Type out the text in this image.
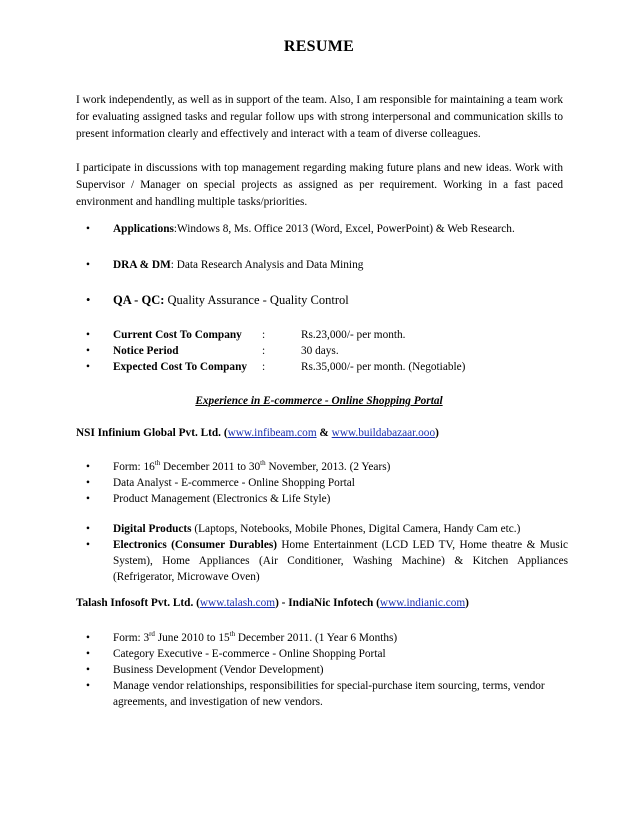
RESUME
I work independently, as well as in support of the team. Also, I am responsible for maintaining a team work for evaluating assigned tasks and regular follow ups with strong interpersonal and communication skills to present information clearly and effectively and interact with a team of diverse colleagues.
I participate in discussions with top management regarding making future plans and new ideas. Work with Supervisor / Manager on special projects as assigned as per requirement. Working in a fast paced environment and handling multiple tasks/priorities.
• Applications:Windows 8, Ms. Office 2013 (Word, Excel, PowerPoint) & Web Research.
• DRA & DM: Data Research Analysis and Data Mining
• QA - QC: Quality Assurance - Quality Control
• Current Cost To Company :	Rs.23,000/- per month.
• Notice Period	:	30 days.
• Expected Cost To Company :	Rs.35,000/- per month. (Negotiable)
Experience in E-commerce - Online Shopping Portal
NSI Infinium Global Pvt. Ltd. (www.infibeam.com & www.buildabazaar.ooo)
• Form: 16th December 2011 to 30th November, 2013. (2 Years)
• Data Analyst - E-commerce - Online Shopping Portal
• Product Management (Electronics & Life Style)
• Digital Products (Laptops, Notebooks, Mobile Phones, Digital Camera, Handy Cam etc.)
• Electronics (Consumer Durables) Home Entertainment (LCD LED TV, Home theatre & Music System), Home Appliances (Air Conditioner, Washing Machine) & Kitchen Appliances (Refrigerator, Microwave Oven)
Talash Infosoft Pvt. Ltd. (www.talash.com) - IndiaNic Infotech (www.indianic.com)
• Form: 3rd June 2010 to 15th December 2011. (1 Year 6 Months)
• Category Executive - E-commerce - Online Shopping Portal
• Business Development (Vendor Development)
• Manage vendor relationships, responsibilities for special-purchase item sourcing, terms, vendor agreements, and investigation of new vendors.
